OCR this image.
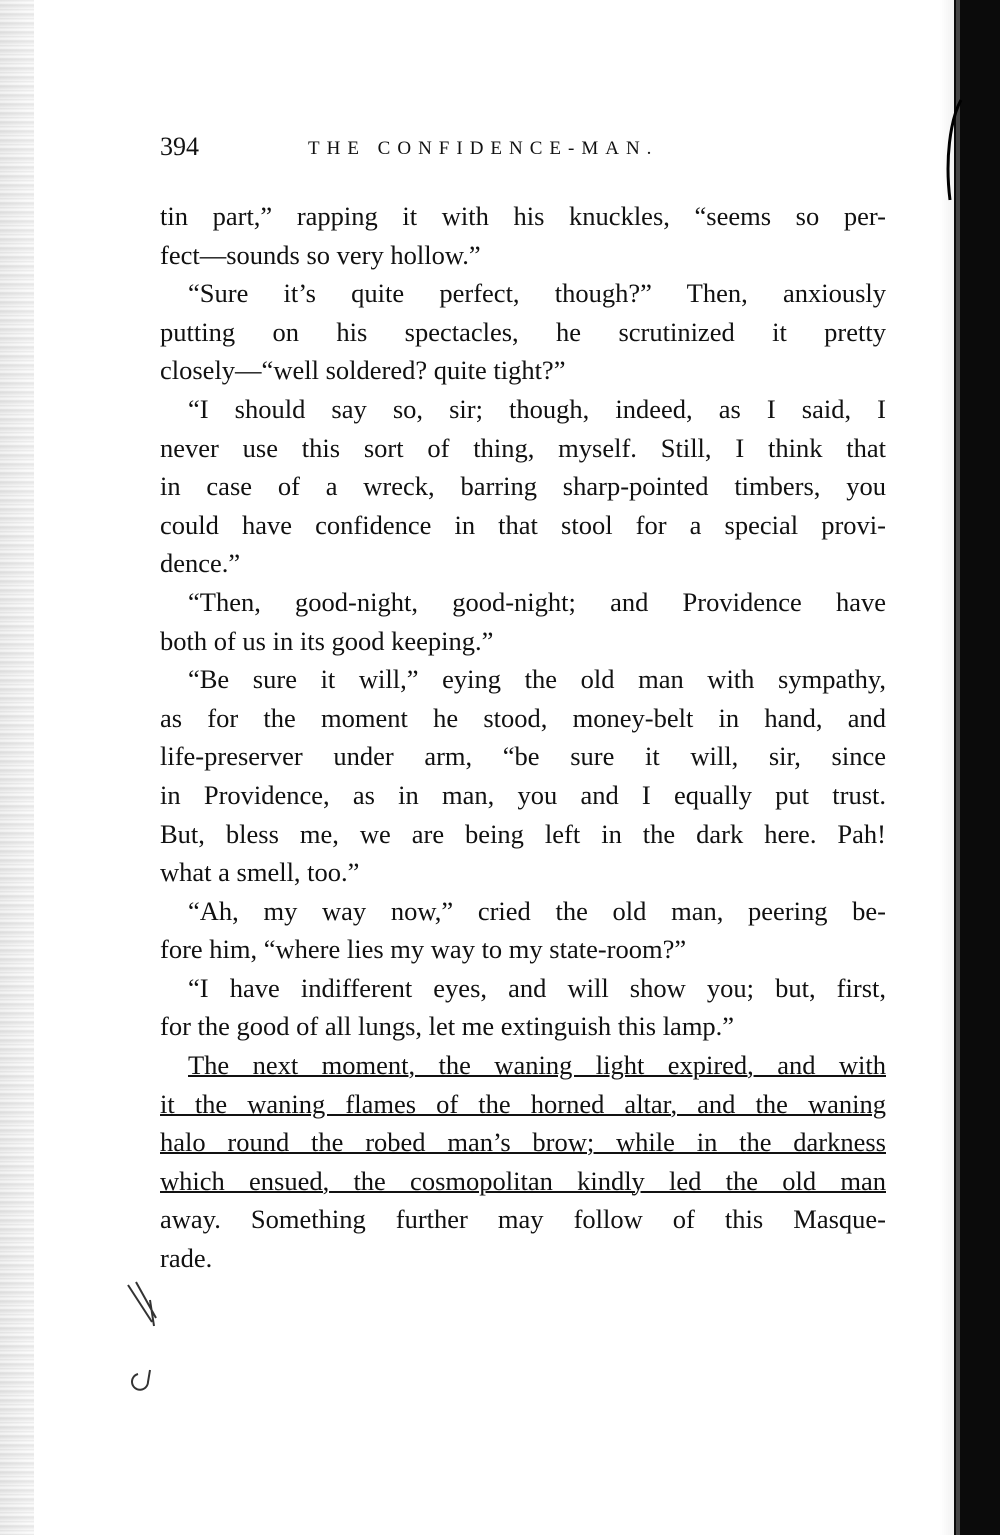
394	THE CONFIDENCE-MAN.
tin part,” rapping it with his knuckles, “seems so per-
fect—sounds so very hollow.”
“Sure it’s quite perfect, though?” Then, anxiously
putting on his spectacles, he scrutinized it pretty
closely—“well soldered? quite tight?”
“I should say so, sir; though, indeed, as I said, I
never use this sort of thing, myself. Still, I think that
in case of a wreck, barring sharp-pointed timbers, you
could have confidence in that stool for a special provi-
dence.”
“Then, good-night, good-night; and Providence have
both of us in its good keeping.”
“Be sure it will,” eying the old man with sympathy,
as for the moment he stood, money-belt in hand, and
life-preserver under arm, “be sure it will, sir, since
in Providence, as in man, you and I equally put trust.
But, bless me, we are being left in the dark here. Pah!
what a smell, too.”
“Ah, my way now,” cried the old man, peering be-
fore him, “where lies my way to my state-room?”
“I have indifferent eyes, and will show you; but, first,
for the good of all lungs, let me extinguish this lamp.”
The next moment, the waning light expired, and with
it the waning flames of the horned altar, and the waning
halo round the robed man’s brow; while in the darkness
which ensued, the cosmopolitan kindly led the old man
away. Something further may follow of this Masque-
rade.
